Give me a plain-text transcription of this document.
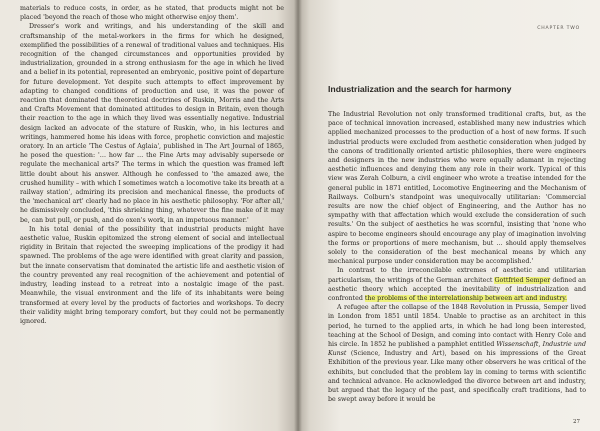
materials to reduce costs, in order, as he stated, that products might not be placed 'beyond the reach of those who might otherwise enjoy them'.

Dresser's work and writings, and his understanding of the skill and craftsmanship of the metal-workers in the firms for which he designed, exemplified the possibilities of a renewal of traditional values and techniques. His recognition of the changed circumstances and opportunities provided by industrialization, grounded in a strong enthusiasm for the age in which he lived and a belief in its potential, represented an embryonic, positive point of departure for future development. Yet despite such attempts to effect improvement by adapting to changed conditions of production and use, it was the power of reaction that dominated the theoretical doctrines of Ruskin, Morris and the Arts and Crafts Movement that dominated attitudes to design in Britain, even though their reaction to the age in which they lived was essentially negative. Industrial design lacked an advocate of the stature of Ruskin, who, in his lectures and writings, hammered home his ideas with force, prophetic conviction and majestic oratory. In an article 'The Cestus of Aglaia', published in The Art Journal of 1865, he posed the question: '… how far … the Fine Arts may advisably supersede or regulate the mechanical arts?' The terms in which the question was framed left little doubt about his answer. Although he confessed to 'the amazed awe, the crushed humility – with which I sometimes watch a locomotive take its breath at a railway station', admiring its precision and mechanical finesse, the products of the 'mechanical art' clearly had no place in his aesthetic philosophy. 'For after all,' he dismissively concluded, 'this shrieking thing, whatever the fine make of it may be, can but pull, or push, and do oxen's work, in an impetuous manner.'

In his total denial of the possibility that industrial products might have aesthetic value, Ruskin epitomized the strong element of social and intellectual rigidity in Britain that rejected the sweeping implications of the prodigy it had spawned. The problems of the age were identified with great clarity and passion, but the innate conservatism that dominated the artistic life and aesthetic vision of the country prevented any real recognition of the achievement and potential of industry, leading instead to a retreat into a nostalgic image of the past. Meanwhile, the visual environment and the life of its inhabitants were being transformed at every level by the products of factories and workshops. To decry their validity might bring temporary comfort, but they could not be permanently ignored.

CHAPTER TWO
Industrialization and the search for harmony

The Industrial Revolution not only transformed traditional crafts, but, as the pace of technical innovation increased, established many new industries which applied mechanized processes to the production of a host of new forms. If such industrial products were excluded from aesthetic consideration when judged by the canons of traditionally oriented artistic philosophies, there were engineers and designers in the new industries who were equally adamant in rejecting aesthetic influences and denying them any role in their work. Typical of this view was Zerah Colburn, a civil engineer who wrote a treatise intended for the general public in 1871 entitled, Locomotive Engineering and the Mechanism of Railways. Colburn's standpoint was unequivocally utilitarian: 'Commercial results are now the chief object of Engineering, and the Author has no sympathy with that affectation which would exclude the consideration of such results.' On the subject of aesthetics he was scornful, insisting that 'none who aspire to become engineers should encourage any play of imagination involving the forms or proportions of mere mechanism, but … should apply themselves solely to the consideration of the best mechanical means by which any mechanical purpose under consideration may be accomplished.'

In contrast to the irreconcilable extremes of aesthetic and utilitarian particularism, the writings of the German architect Gottfried Semper defined an aesthetic theory which accepted the inevitability of industrialization and confronted the problems of the interrelationship between art and industry.

A refugee after the collapse of the 1848 Revolution in Prussia, Semper lived in London from 1851 until 1854. Unable to practise as an architect in this period, he turned to the applied arts, in which he had long been interested, teaching at the School of Design, and coming into contact with Henry Cole and his circle. In 1852 he published a pamphlet entitled Wissenschaft, Industrie und Kunst (Science, Industry and Art), based on his impressions of the Great Exhibition of the previous year. Like many other observers he was critical of the exhibits, but concluded that the problem lay in coming to terms with scientific and technical advance. He acknowledged the divorce between art and industry, but argued that the legacy of the past, and specifically craft traditions, had to be swept away before it would be

27
